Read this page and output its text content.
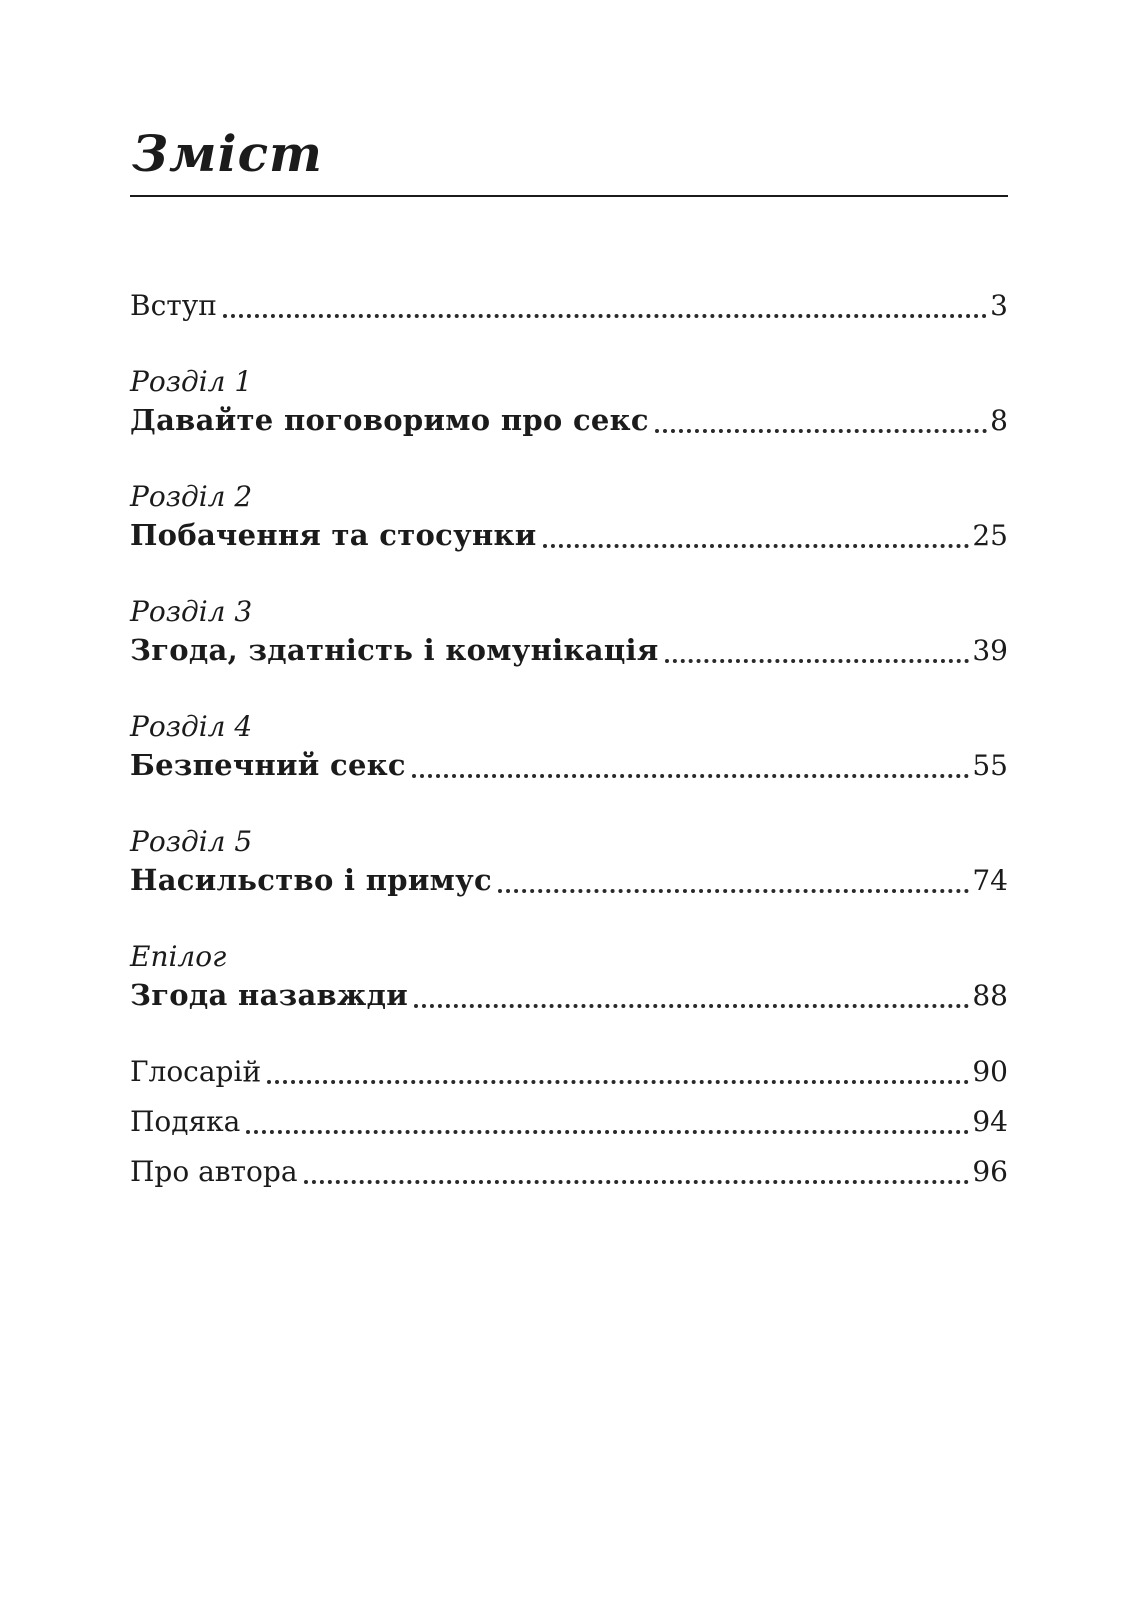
Зміст
Вступ	3
Розділ 1
Давайте поговоримо про секс	8
Розділ 2
Побачення та стосунки	25
Розділ 3
Згода, здатність і комунікація	39
Розділ 4
Безпечний секс	55
Розділ 5
Насильство і примус	74
Епілог
Згода назавжди	88
Глосарій	90
Подяка	94
Про автора	96
